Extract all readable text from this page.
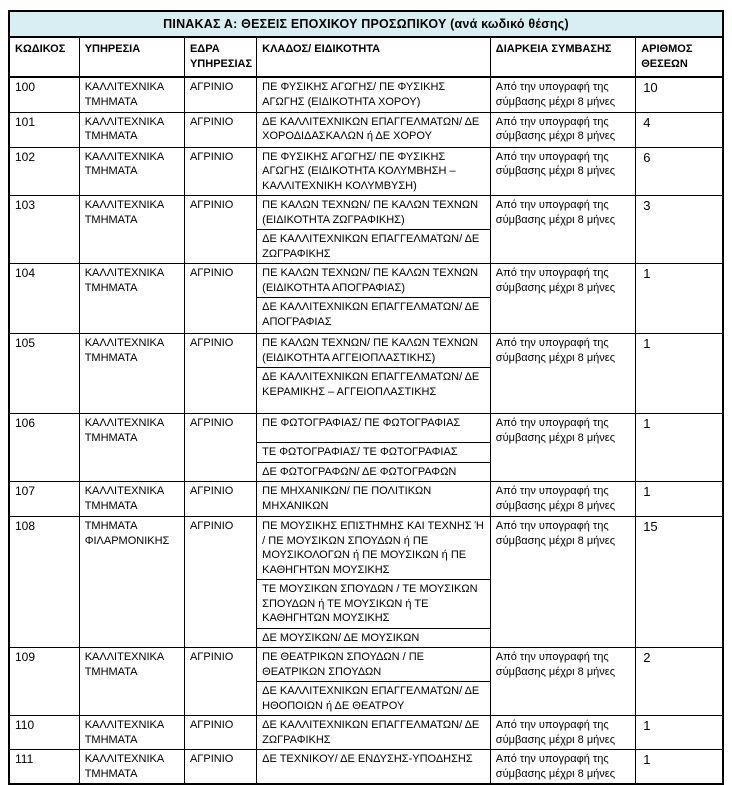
ΠΙΝΑΚΑΣ Α: ΘΕΣΕΙΣ ΕΠΟΧΙΚΟΥ ΠΡΟΣΩΠΙΚΟΥ (ανά κωδικό θέσης)					
ΚΩΔΙΚΟΣ	ΥΠΗΡΕΣΙΑ	ΕΔΡΑ ΥΠΗΡΕΣΙΑΣ	ΚΛΑΔΟΣ/ ΕΙΔΙΚΟΤΗΤΑ	ΔΙΑΡΚΕΙΑ ΣΥΜΒΑΣΗΣ	ΑΡΙΘΜΟΣ ΘΕΣΕΩΝ
100	ΚΑΛΛΙΤΕΧΝΙΚΑ ΤΜΗΜΑΤΑ	ΑΓΡΙΝΙΟ	ΠΕ ΦΥΣΙΚΗΣ ΑΓΩΓΗΣ/ ΠΕ ΦΥΣΙΚΗΣ ΑΓΩΓΗΣ (ΕΙΔΙΚΟΤΗΤΑ ΧΟΡΟΥ)	Από την υπογραφή της σύμβασης μέχρι 8 μήνες	10
101	ΚΑΛΛΙΤΕΧΝΙΚΑ ΤΜΗΜΑΤΑ	ΑΓΡΙΝΙΟ	ΔΕ ΚΑΛΛΙΤΕΧΝΙΚΩΝ ΕΠΑΓΓΕΛΜΑΤΩΝ/ ΔΕ ΧΟΡΟΔΙΔΑΣΚΑΛΩΝ ή ΔΕ ΧΟΡΟΥ	Από την υπογραφή της σύμβασης μέχρι 8 μήνες	4
102	ΚΑΛΛΙΤΕΧΝΙΚΑ ΤΜΗΜΑΤΑ	ΑΓΡΙΝΙΟ	ΠΕ ΦΥΣΙΚΗΣ ΑΓΩΓΗΣ/ ΠΕ ΦΥΣΙΚΗΣ ΑΓΩΓΗΣ (ΕΙΔΙΚΟΤΗΤΑ ΚΟΛΥΜΒΗΣΗ – ΚΑΛΛΙΤΕΧΝΙΚΗ ΚΟΛΥΜΒΥΣΗ)	Από την υπογραφή της σύμβασης μέχρι 8 μήνες	6
103	ΚΑΛΛΙΤΕΧΝΙΚΑ ΤΜΗΜΑΤΑ	ΑΓΡΙΝΙΟ	ΠΕ ΚΑΛΩΝ ΤΕΧΝΩΝ/ ΠΕ ΚΑΛΩΝ ΤΕΧΝΩΝ (ΕΙΔΙΚΟΤΗΤΑ ΖΩΓΡΑΦΙΚΗΣ)
ΔΕ ΚΑΛΛΙΤΕΧΝΙΚΩΝ ΕΠΑΓΓΕΛΜΑΤΩΝ/ ΔΕ ΖΩΓΡΑΦΙΚΗΣ	Από την υπογραφή της σύμβασης μέχρι 8 μήνες	3
104	ΚΑΛΛΙΤΕΧΝΙΚΑ ΤΜΗΜΑΤΑ	ΑΓΡΙΝΙΟ	ΠΕ ΚΑΛΩΝ ΤΕΧΝΩΝ/ ΠΕ ΚΑΛΩΝ ΤΕΧΝΩΝ (ΕΙΔΙΚΟΤΗΤΑ ΑΠΟΓΡΑΦΙΑΣ)
ΔΕ ΚΑΛΛΙΤΕΧΝΙΚΩΝ ΕΠΑΓΓΕΛΜΑΤΩΝ/ ΔΕ ΑΠΟΓΡΑΦΙΑΣ	Από την υπογραφή της σύμβασης μέχρι 8 μήνες	1
105	ΚΑΛΛΙΤΕΧΝΙΚΑ ΤΜΗΜΑΤΑ	ΑΓΡΙΝΙΟ	ΠΕ ΚΑΛΩΝ ΤΕΧΝΩΝ/ ΠΕ ΚΑΛΩΝ ΤΕΧΝΩΝ (ΕΙΔΙΚΟΤΗΤΑ ΑΓΓΕΙΟΠΛΑΣΤΙΚΗΣ)
ΔΕ ΚΑΛΛΙΤΕΧΝΙΚΩΝ ΕΠΑΓΓΕΛΜΑΤΩΝ/ ΔΕ ΚΕΡΑΜΙΚΗΣ – ΑΓΓΕΙΟΠΛΑΣΤΙΚΗΣ	Από την υπογραφή της σύμβασης μέχρι 8 μήνες	1
106	ΚΑΛΛΙΤΕΧΝΙΚΑ ΤΜΗΜΑΤΑ	ΑΓΡΙΝΙΟ	ΠΕ ΦΩΤΟΓΡΑΦΙΑΣ/ ΠΕ ΦΩΤΟΓΡΑΦΙΑΣ
ΤΕ ΦΩΤΟΓΡΑΦΙΑΣ/ ΤΕ ΦΩΤΟΓΡΑΦΙΑΣ
ΔΕ ΦΩΤΟΓΡΑΦΩΝ/ ΔΕ ΦΩΤΟΓΡΑΦΩΝ	Από την υπογραφή της σύμβασης μέχρι 8 μήνες	1
107	ΚΑΛΛΙΤΕΧΝΙΚΑ ΤΜΗΜΑΤΑ	ΑΓΡΙΝΙΟ	ΠΕ ΜΗΧΑΝΙΚΩΝ/ ΠΕ ΠΟΛΙΤΙΚΩΝ ΜΗΧΑΝΙΚΩΝ	Από την υπογραφή της σύμβασης μέχρι 8 μήνες	1
108	ΤΜΗΜΑΤΑ ΦΙΛΑΡΜΟΝΙΚΗΣ	ΑΓΡΙΝΙΟ	ΠΕ ΜΟΥΣΙΚΗΣ ΕΠΙΣΤΗΜΗΣ ΚΑΙ ΤΕΧΝΗΣ Ή / ΠΕ ΜΟΥΣΙΚΩΝ ΣΠΟΥΔΩΝ ή ΠΕ ΜΟΥΣΙΚΟΛΟΓΩΝ ή ΠΕ ΜΟΥΣΙΚΩΝ ή ΠΕ ΚΑΘΗΓΗΤΩΝ ΜΟΥΣΙΚΗΣ
ΤΕ ΜΟΥΣΙΚΩΝ ΣΠΟΥΔΩΝ / ΤΕ ΜΟΥΣΙΚΩΝ ΣΠΟΥΔΩΝ ή ΤΕ ΜΟΥΣΙΚΩΝ ή ΤΕ ΚΑΘΗΓΗΤΩΝ ΜΟΥΣΙΚΗΣ
ΔΕ ΜΟΥΣΙΚΩΝ/ ΔΕ ΜΟΥΣΙΚΩΝ	Από την υπογραφή της σύμβασης μέχρι 8 μήνες	15
109	ΚΑΛΛΙΤΕΧΝΙΚΑ ΤΜΗΜΑΤΑ	ΑΓΡΙΝΙΟ	ΠΕ ΘΕΑΤΡΙΚΩΝ ΣΠΟΥΔΩΝ / ΠΕ ΘΕΑΤΡΙΚΩΝ ΣΠΟΥΔΩΝ
ΔΕ ΚΑΛΛΙΤΕΧΝΙΚΩΝ ΕΠΑΓΓΕΛΜΑΤΩΝ/ ΔΕ ΗΘΟΠΟΙΩΝ ή ΔΕ ΘΕΑΤΡΟΥ	Από την υπογραφή της σύμβασης μέχρι 8 μήνες	2
110	ΚΑΛΛΙΤΕΧΝΙΚΑ ΤΜΗΜΑΤΑ	ΑΓΡΙΝΙΟ	ΔΕ ΚΑΛΛΙΤΕΧΝΙΚΩΝ ΕΠΑΓΓΕΛΜΑΤΩΝ/ ΔΕ ΖΩΓΡΑΦΙΚΗΣ	Από την υπογραφή της σύμβασης μέχρι 8 μήνες	1
111	ΚΑΛΛΙΤΕΧΝΙΚΑ ΤΜΗΜΑΤΑ	ΑΓΡΙΝΙΟ	ΔΕ ΤΕΧΝΙΚΟΥ/ ΔΕ ΕΝΔΥΣΗΣ-ΥΠΟΔΗΣΗΣ	Από την υπογραφή της σύμβασης μέχρι 8 μήνες	1
